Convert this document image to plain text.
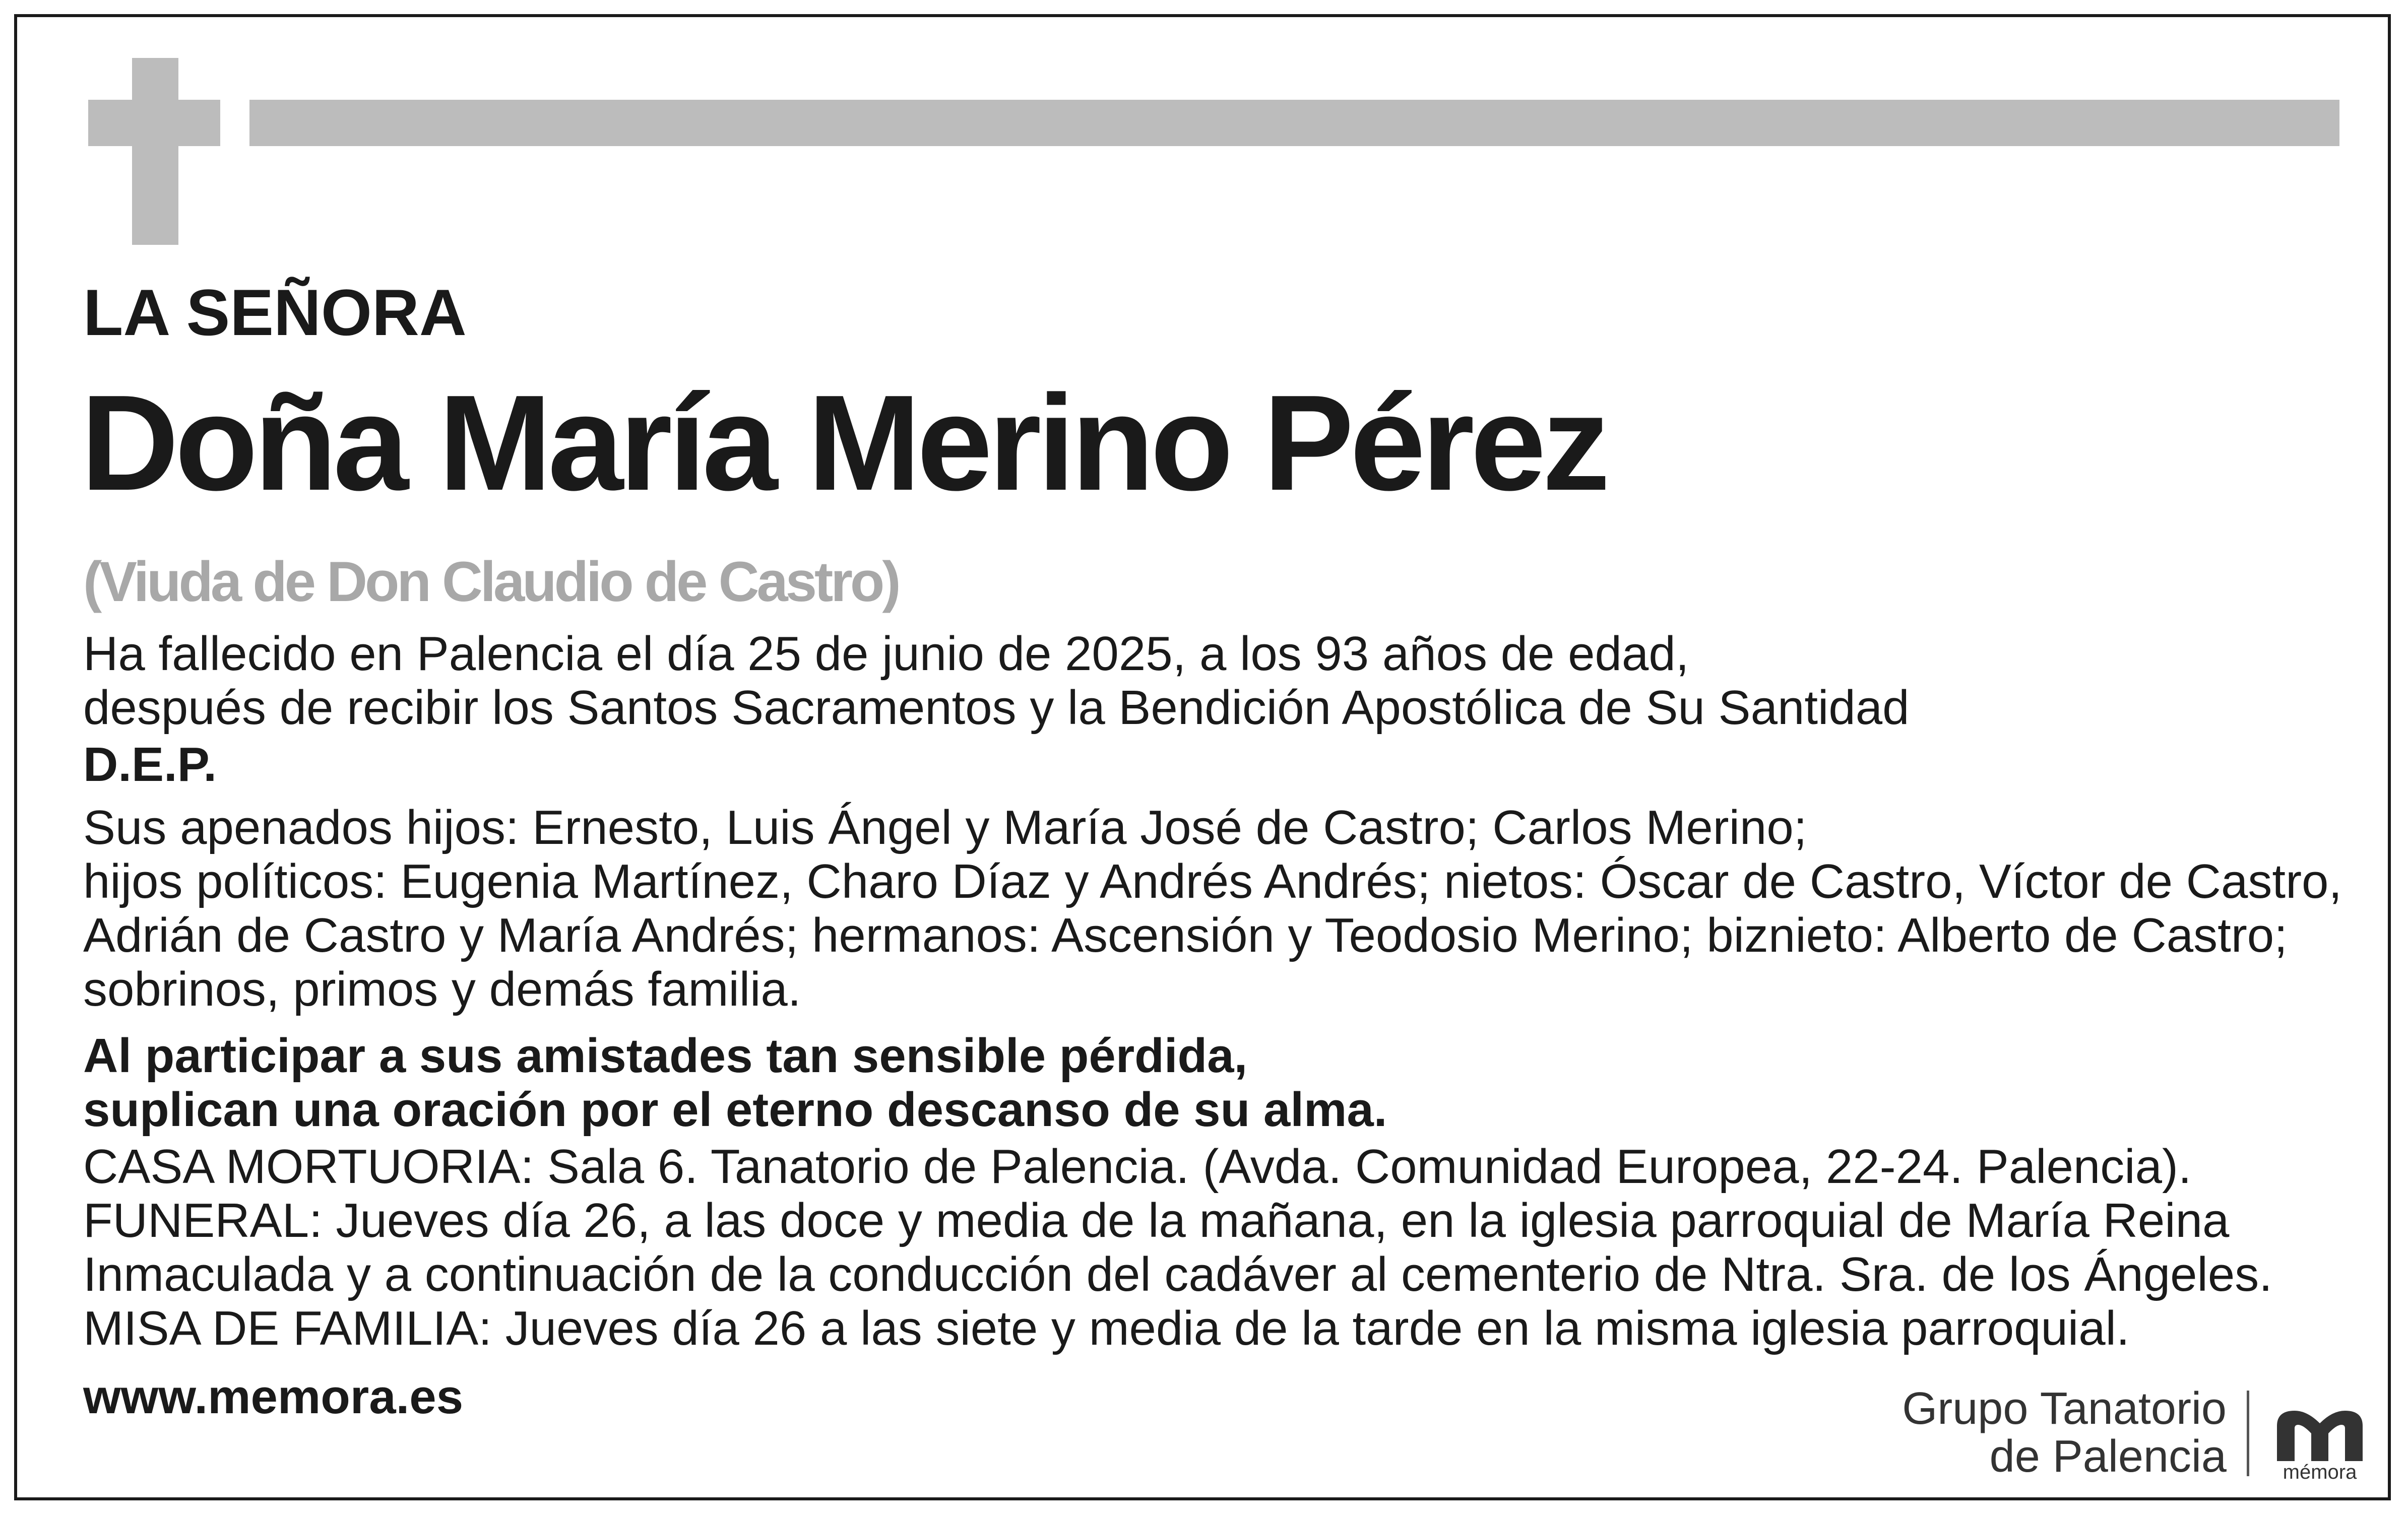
LA SEÑORA

Doña María Merino Pérez

(Viuda de Don Claudio de Castro)

Ha fallecido en Palencia el día 25 de junio de 2025, a los 93 años de edad,

después de recibir los Santos Sacramentos y la Bendición Apostólica de Su Santidad

D.E.P.

Sus apenados hijos: Ernesto, Luis Ángel y María José de Castro; Carlos Merino;

hijos políticos: Eugenia Martínez, Charo Díaz y Andrés Andrés; nietos: Óscar de Castro, Víctor de Castro,

Adrián de Castro y María Andrés; hermanos: Ascensión y Teodosio Merino; biznieto: Alberto de Castro;

sobrinos, primos y demás familia.

Al participar a sus amistades tan sensible pérdida,

suplican una oración por el eterno descanso de su alma.

CASA MORTUORIA: Sala 6. Tanatorio de Palencia. (Avda. Comunidad Europea, 22-24. Palencia).

FUNERAL: Jueves día 26, a las doce y media de la mañana, en la iglesia parroquial de María Reina

Inmaculada y a continuación de la conducción del cadáver al cementerio de Ntra. Sra. de los Ángeles.

MISA DE FAMILIA: Jueves día 26 a las siete y media de la tarde en la misma iglesia parroquial.

www.memora.es	Grupo Tanatorio

de Palencia	mémora
